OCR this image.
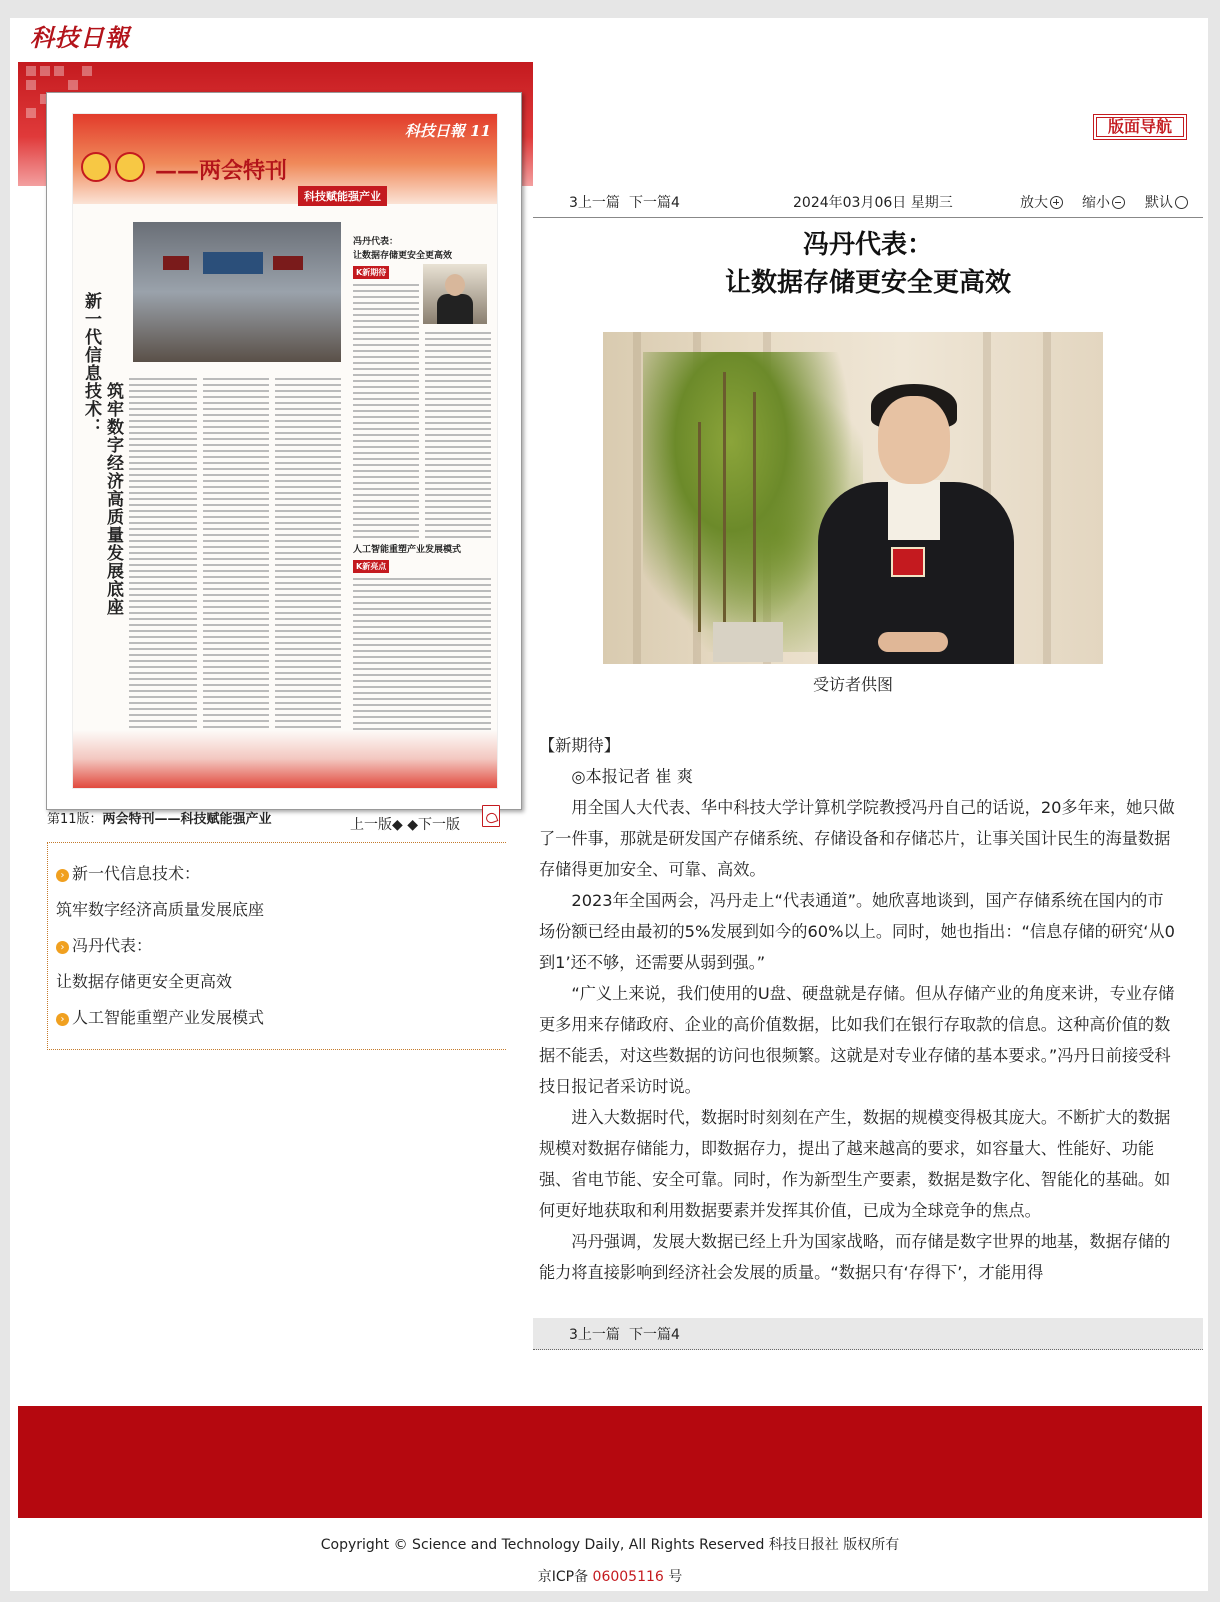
科技日報
科技日報 11
——两会特刊
科技赋能强产业
新一代信息技术：
筑牢数字经济高质量发展底座
冯丹代表：
让数据存储更安全更高效
K新期待
人工智能重塑产业发展模式
K新亮点
第11版：两会特刊——科技赋能强产业	上一版◆ ◆下一版
› 新一代信息技术：
筑牢数字经济高质量发展底座
› 冯丹代表：
让数据存储更安全更高效
› 人工智能重塑产业发展模式
版面导航
3上一篇 下一篇4	2024年03月06日 星期三	放大	缩小	默认
冯丹代表：
让数据存储更安全更高效
受访者供图

【新期待】

◎本报记者 崔 爽

用全国人大代表、华中科技大学计算机学院教授冯丹自己的话说，20多年来，她只做了一件事，那就是研发国产存储系统、存储设备和存储芯片，让事关国计民生的海量数据存储得更加安全、可靠、高效。

2023年全国两会，冯丹走上“代表通道”。她欣喜地谈到，国产存储系统在国内的市场份额已经由最初的5%发展到如今的60%以上。同时，她也指出：“信息存储的研究‘从0到1’还不够，还需要从弱到强。”

“广义上来说，我们使用的U盘、硬盘就是存储。但从存储产业的角度来讲，专业存储更多用来存储政府、企业的高价值数据，比如我们在银行存取款的信息。这种高价值的数据不能丢，对这些数据的访问也很频繁。这就是对专业存储的基本要求。”冯丹日前接受科技日报记者采访时说。

进入大数据时代，数据时时刻刻在产生，数据的规模变得极其庞大。不断扩大的数据规模对数据存储能力，即数据存力，提出了越来越高的要求，如容量大、性能好、功能强、省电节能、安全可靠。同时，作为新型生产要素，数据是数字化、智能化的基础。如何更好地获取和利用数据要素并发挥其价值，已成为全球竞争的焦点。

冯丹强调，发展大数据已经上升为国家战略，而存储是数字世界的地基，数据存储的能力将直接影响到经济社会发展的质量。“数据只有‘存得下’，才能用得

3上一篇 下一篇4
Copyright © Science and Technology Daily, All Rights Reserved 科技日报社 版权所有
京ICP备 06005116 号
